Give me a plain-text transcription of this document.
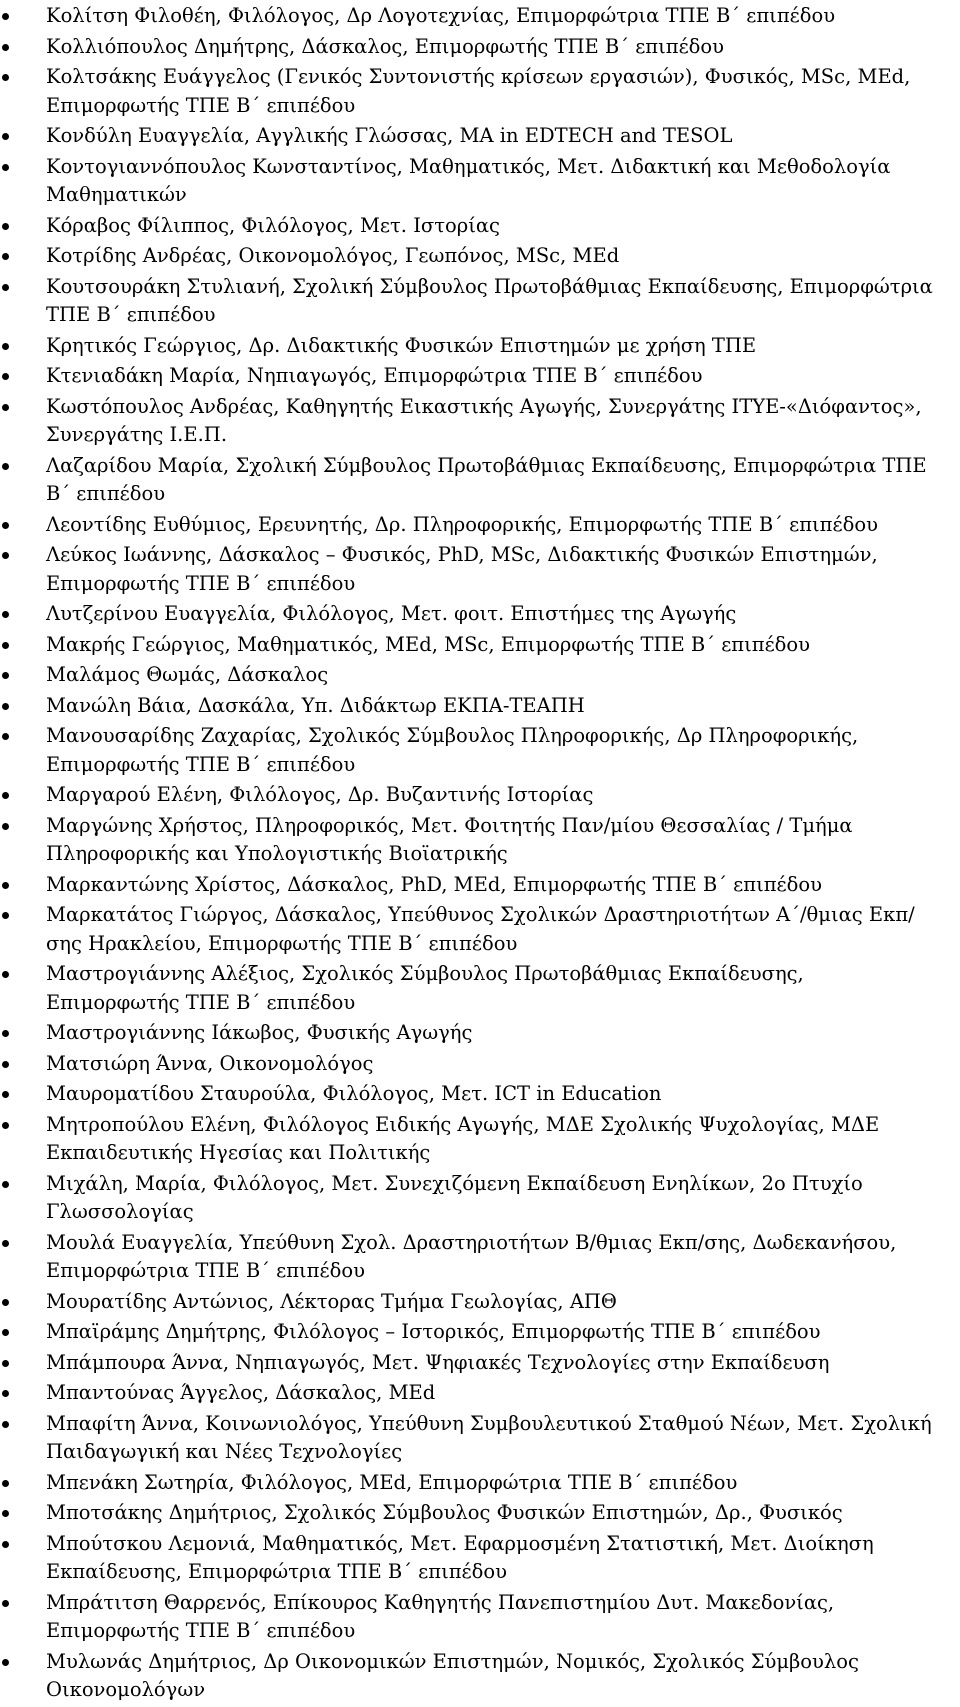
Κολίτση Φιλοθέη, Φιλόλογος, Δρ Λογοτεχνίας, Επιμορφώτρια ΤΠΕ Β΄ επιπέδου
Κολλιόπουλος Δημήτρης, Δάσκαλος, Επιμορφωτής ΤΠΕ Β΄ επιπέδου
Κολτσάκης Ευάγγελος (Γενικός Συντονιστής κρίσεων εργασιών), Φυσικός, MSc, MEd, Επιμορφωτής ΤΠΕ Β΄ επιπέδου
Κονδύλη Ευαγγελία, Αγγλικής Γλώσσας, MA in EDTECH and TESOL
Κοντογιαννόπουλος Κωνσταντίνος, Μαθηματικός, Μετ. Διδακτική και Μεθοδολογία Μαθηματικών
Κόραβος Φίλιππος, Φιλόλογος, Μετ. Ιστορίας
Κοτρίδης Ανδρέας, Οικονομολόγος, Γεωπόνος, MSc, MEd
Κουτσουράκη Στυλιανή, Σχολική Σύμβουλος Πρωτοβάθμιας Εκπαίδευσης, Επιμορφώτρια ΤΠΕ Β΄ επιπέδου
Κρητικός Γεώργιος, Δρ. Διδακτικής Φυσικών Επιστημών με χρήση ΤΠΕ
Κτενιαδάκη Μαρία, Νηπιαγωγός, Επιμορφώτρια ΤΠΕ Β΄ επιπέδου
Κωστόπουλος Ανδρέας, Καθηγητής Εικαστικής Αγωγής, Συνεργάτης ΙΤΥΕ-«Διόφαντος», Συνεργάτης Ι.Ε.Π.
Λαζαρίδου Μαρία, Σχολική Σύμβουλος Πρωτοβάθμιας Εκπαίδευσης, Επιμορφώτρια ΤΠΕ Β΄ επιπέδου
Λεοντίδης Ευθύμιος, Ερευνητής, Δρ. Πληροφορικής, Επιμορφωτής ΤΠΕ Β΄ επιπέδου
Λεύκος Ιωάννης, Δάσκαλος – Φυσικός, PhD, MSc, Διδακτικής Φυσικών Επιστημών, Επιμορφωτής ΤΠΕ Β΄ επιπέδου
Λυτζερίνου Ευαγγελία, Φιλόλογος, Μετ. φοιτ. Επιστήμες της Αγωγής
Μακρής Γεώργιος, Μαθηματικός, MEd, MSc, Επιμορφωτής ΤΠΕ Β΄ επιπέδου
Μαλάμος Θωμάς, Δάσκαλος
Μανώλη Βάια, Δασκάλα, Υπ. Διδάκτωρ ΕΚΠΑ-ΤΕΑΠΗ
Μανουσαρίδης Ζαχαρίας, Σχολικός Σύμβουλος Πληροφορικής, Δρ Πληροφορικής, Επιμορφωτής ΤΠΕ Β΄ επιπέδου
Μαργαρού Ελένη, Φιλόλογος, Δρ. Βυζαντινής Ιστορίας
Μαργώνης Χρήστος, Πληροφορικός, Μετ. Φοιτητής Παν/μίου Θεσσαλίας / Τμήμα Πληροφορικής και Υπολογιστικής Βιοϊατρικής
Μαρκαντώνης Χρίστος, Δάσκαλος, PhD, MEd, Επιμορφωτής ΤΠΕ Β΄ επιπέδου
Μαρκατάτος Γιώργος, Δάσκαλος, Υπεύθυνος Σχολικών Δραστηριοτήτων Α΄/θμιας Εκπ/σης Ηρακλείου, Επιμορφωτής ΤΠΕ Β΄ επιπέδου
Μαστρογιάννης Αλέξιος, Σχολικός Σύμβουλος Πρωτοβάθμιας Εκπαίδευσης, Επιμορφωτής ΤΠΕ Β΄ επιπέδου
Μαστρογιάννης Ιάκωβος, Φυσικής Αγωγής
Ματσιώρη Άννα, Οικονομολόγος
Μαυροματίδου Σταυρούλα, Φιλόλογος, Μετ. ICT in Education
Μητροπούλου Ελένη, Φιλόλογος Ειδικής Αγωγής, ΜΔΕ Σχολικής Ψυχολογίας, ΜΔΕ Εκπαιδευτικής Ηγεσίας και Πολιτικής
Μιχάλη, Μαρία, Φιλόλογος, Μετ. Συνεχιζόμενη Εκπαίδευση Ενηλίκων, 2ο Πτυχίο Γλωσσολογίας
Μουλά Ευαγγελία, Υπεύθυνη Σχολ. Δραστηριοτήτων Β/θμιας Εκπ/σης, Δωδεκανήσου, Επιμορφώτρια ΤΠΕ Β΄ επιπέδου
Μουρατίδης Αντώνιος, Λέκτορας Τμήμα Γεωλογίας, ΑΠΘ
Μπαϊράμης Δημήτρης, Φιλόλογος – Ιστορικός, Επιμορφωτής ΤΠΕ Β΄ επιπέδου
Μπάμπουρα Άννα, Νηπιαγωγός, Μετ. Ψηφιακές Τεχνολογίες στην Εκπαίδευση
Μπαντούνας Άγγελος, Δάσκαλος, MEd
Μπαφίτη Άννα, Κοινωνιολόγος, Υπεύθυνη Συμβουλευτικού Σταθμού Νέων, Μετ. Σχολική Παιδαγωγική και Νέες Τεχνολογίες
Μπενάκη Σωτηρία, Φιλόλογος, MEd, Επιμορφώτρια ΤΠΕ Β΄ επιπέδου
Μποτσάκης Δημήτριος, Σχολικός Σύμβουλος Φυσικών Επιστημών, Δρ., Φυσικός
Μπούτσκου Λεμονιά, Μαθηματικός, Μετ. Εφαρμοσμένη Στατιστική, Μετ. Διοίκηση Εκπαίδευσης, Επιμορφώτρια ΤΠΕ Β΄ επιπέδου
Μπράτιτση Θαρρενός, Επίκουρος Καθηγητής Πανεπιστημίου Δυτ. Μακεδονίας, Επιμορφωτής ΤΠΕ Β΄ επιπέδου
Μυλωνάς Δημήτριος, Δρ Οικονομικών Επιστημών, Νομικός, Σχολικός Σύμβουλος Οικονομολόγων
